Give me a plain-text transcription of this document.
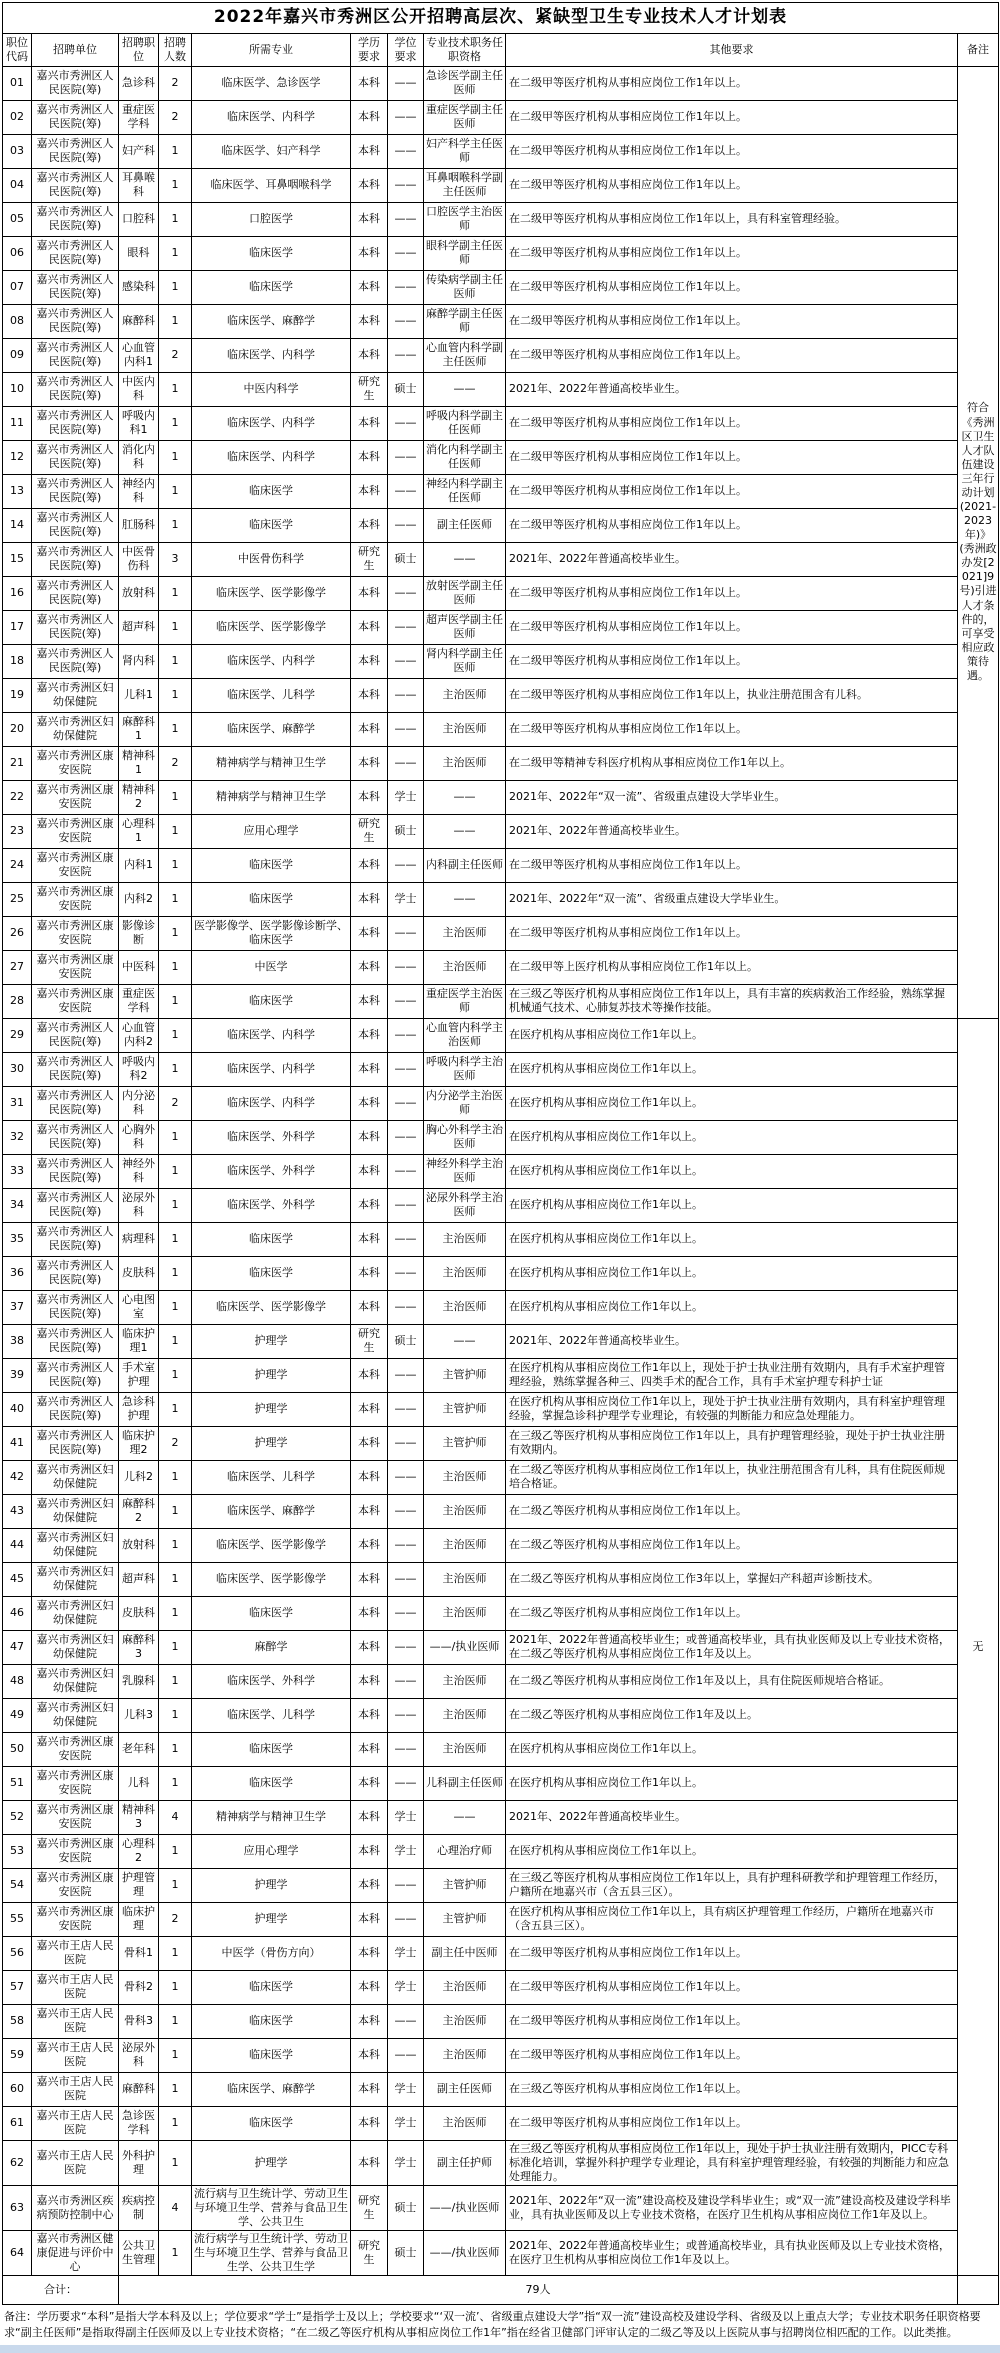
2022年嘉兴市秀洲区公开招聘高层次、紧缺型卫生专业技术人才计划表									
职位代码	招聘单位	招聘职位	招聘人数	所需专业	学历要求	学位要求	专业技术职务任职资格	其他要求	备注
01	嘉兴市秀洲区人民医院(筹)	急诊科	2	临床医学、急诊医学	本科	——	急诊医学副主任医师	在二级甲等医疗机构从事相应岗位工作1年以上。	符合《秀洲区卫生人才队伍建设三年行动计划(2021-2023年)》(秀洲政办发[2021]9号)引进人才条件的，可享受相应政策待遇。
02	嘉兴市秀洲区人民医院(筹)	重症医学科	2	临床医学、内科学	本科	——	重症医学副主任医师	在二级甲等医疗机构从事相应岗位工作1年以上。	
03	嘉兴市秀洲区人民医院(筹)	妇产科	1	临床医学、妇产科学	本科	——	妇产科学主任医师	在二级甲等医疗机构从事相应岗位工作1年以上。	
04	嘉兴市秀洲区人民医院(筹)	耳鼻喉科	1	临床医学、耳鼻咽喉科学	本科	——	耳鼻咽喉科学副主任医师	在二级甲等医疗机构从事相应岗位工作1年以上。	
05	嘉兴市秀洲区人民医院(筹)	口腔科	1	口腔医学	本科	——	口腔医学主治医师	在二级甲等医疗机构从事相应岗位工作1年以上，具有科室管理经验。	
06	嘉兴市秀洲区人民医院(筹)	眼科	1	临床医学	本科	——	眼科学副主任医师	在二级甲等医疗机构从事相应岗位工作1年以上。	
07	嘉兴市秀洲区人民医院(筹)	感染科	1	临床医学	本科	——	传染病学副主任医师	在二级甲等医疗机构从事相应岗位工作1年以上。	
08	嘉兴市秀洲区人民医院(筹)	麻醉科	1	临床医学、麻醉学	本科	——	麻醉学副主任医师	在二级甲等医疗机构从事相应岗位工作1年以上。	
09	嘉兴市秀洲区人民医院(筹)	心血管内科1	2	临床医学、内科学	本科	——	心血管内科学副主任医师	在二级甲等医疗机构从事相应岗位工作1年以上。	
10	嘉兴市秀洲区人民医院(筹)	中医内科	1	中医内科学	研究生	硕士	——	2021年、2022年普通高校毕业生。	
11	嘉兴市秀洲区人民医院(筹)	呼吸内科1	1	临床医学、内科学	本科	——	呼吸内科学副主任医师	在二级甲等医疗机构从事相应岗位工作1年以上。	
12	嘉兴市秀洲区人民医院(筹)	消化内科	1	临床医学、内科学	本科	——	消化内科学副主任医师	在二级甲等医疗机构从事相应岗位工作1年以上。	
13	嘉兴市秀洲区人民医院(筹)	神经内科	1	临床医学	本科	——	神经内科学副主任医师	在二级甲等医疗机构从事相应岗位工作1年以上。	
14	嘉兴市秀洲区人民医院(筹)	肛肠科	1	临床医学	本科	——	副主任医师	在二级甲等医疗机构从事相应岗位工作1年以上。	
15	嘉兴市秀洲区人民医院(筹)	中医骨伤科	3	中医骨伤科学	研究生	硕士	——	2021年、2022年普通高校毕业生。	
16	嘉兴市秀洲区人民医院(筹)	放射科	1	临床医学、医学影像学	本科	——	放射医学副主任医师	在二级甲等医疗机构从事相应岗位工作1年以上。	
17	嘉兴市秀洲区人民医院(筹)	超声科	1	临床医学、医学影像学	本科	——	超声医学副主任医师	在二级甲等医疗机构从事相应岗位工作1年以上。	
18	嘉兴市秀洲区人民医院(筹)	肾内科	1	临床医学、内科学	本科	——	肾内科学副主任医师	在二级甲等医疗机构从事相应岗位工作1年以上。	
19	嘉兴市秀洲区妇幼保健院	儿科1	1	临床医学、儿科学	本科	——	主治医师	在二级甲等医疗机构从事相应岗位工作1年以上，执业注册范围含有儿科。	
20	嘉兴市秀洲区妇幼保健院	麻醉科1	1	临床医学、麻醉学	本科	——	主治医师	在二级甲等医疗机构从事相应岗位工作1年以上。	
21	嘉兴市秀洲区康安医院	精神科1	2	精神病学与精神卫生学	本科	——	主治医师	在二级甲等精神专科医疗机构从事相应岗位工作1年以上。	
22	嘉兴市秀洲区康安医院	精神科2	1	精神病学与精神卫生学	本科	学士	——	2021年、2022年“双一流”、省级重点建设大学毕业生。	
23	嘉兴市秀洲区康安医院	心理科1	1	应用心理学	研究生	硕士	——	2021年、2022年普通高校毕业生。	
24	嘉兴市秀洲区康安医院	内科1	1	临床医学	本科	——	内科副主任医师	在二级甲等医疗机构从事相应岗位工作1年以上。	
25	嘉兴市秀洲区康安医院	内科2	1	临床医学	本科	学士	——	2021年、2022年“双一流”、省级重点建设大学毕业生。	
26	嘉兴市秀洲区康安医院	影像诊断	1	医学影像学、医学影像诊断学、临床医学	本科	——	主治医师	在二级甲等医疗机构从事相应岗位工作1年以上。	
27	嘉兴市秀洲区康安医院	中医科	1	中医学	本科	——	主治医师	在二级甲等上医疗机构从事相应岗位工作1年以上。	
28	嘉兴市秀洲区康安医院	重症医学科	1	临床医学	本科	——	重症医学主治医师	在三级乙等医疗机构从事相应岗位工作1年以上，具有丰富的疾病救治工作经验，熟练掌握机械通气技术、心肺复苏技术等操作技能。	
29	嘉兴市秀洲区人民医院(筹)	心血管内科2	1	临床医学、内科学	本科	——	心血管内科学主治医师	在医疗机构从事相应岗位工作1年以上。	无
30	嘉兴市秀洲区人民医院(筹)	呼吸内科2	1	临床医学、内科学	本科	——	呼吸内科学主治医师	在医疗机构从事相应岗位工作1年以上。	
31	嘉兴市秀洲区人民医院(筹)	内分泌科	2	临床医学、内科学	本科	——	内分泌学主治医师	在医疗机构从事相应岗位工作1年以上。	
32	嘉兴市秀洲区人民医院(筹)	心胸外科	1	临床医学、外科学	本科	——	胸心外科学主治医师	在医疗机构从事相应岗位工作1年以上。	
33	嘉兴市秀洲区人民医院(筹)	神经外科	1	临床医学、外科学	本科	——	神经外科学主治医师	在医疗机构从事相应岗位工作1年以上。	
34	嘉兴市秀洲区人民医院(筹)	泌尿外科	1	临床医学、外科学	本科	——	泌尿外科学主治医师	在医疗机构从事相应岗位工作1年以上。	
35	嘉兴市秀洲区人民医院(筹)	病理科	1	临床医学	本科	——	主治医师	在医疗机构从事相应岗位工作1年以上。	
36	嘉兴市秀洲区人民医院(筹)	皮肤科	1	临床医学	本科	——	主治医师	在医疗机构从事相应岗位工作1年以上。	
37	嘉兴市秀洲区人民医院(筹)	心电图室	1	临床医学、医学影像学	本科	——	主治医师	在医疗机构从事相应岗位工作1年以上。	
38	嘉兴市秀洲区人民医院(筹)	临床护理1	1	护理学	研究生	硕士	——	2021年、2022年普通高校毕业生。	
39	嘉兴市秀洲区人民医院(筹)	手术室护理	1	护理学	本科	——	主管护师	在医疗机构从事相应岗位工作1年以上，现处于护士执业注册有效期内，具有手术室护理管理经验，熟练掌握各种三、四类手术的配合工作，具有手术室护理专科护士证	
40	嘉兴市秀洲区人民医院(筹)	急诊科护理	1	护理学	本科	——	主管护师	在医疗机构从事相应岗位工作1年以上，现处于护士执业注册有效期内，具有科室护理管理经验，掌握急诊科护理学专业理论，有较强的判断能力和应急处理能力。	
41	嘉兴市秀洲区人民医院(筹)	临床护理2	2	护理学	本科	——	主管护师	在三级乙等医疗机构从事相应岗位工作1年以上，具有护理管理经验，现处于护士执业注册有效期内。	
42	嘉兴市秀洲区妇幼保健院	儿科2	1	临床医学、儿科学	本科	——	主治医师	在二级乙等医疗机构从事相应岗位工作1年以上，执业注册范围含有儿科，具有住院医师规培合格证。	
43	嘉兴市秀洲区妇幼保健院	麻醉科2	1	临床医学、麻醉学	本科	——	主治医师	在二级乙等医疗机构从事相应岗位工作1年以上。	
44	嘉兴市秀洲区妇幼保健院	放射科	1	临床医学、医学影像学	本科	——	主治医师	在二级乙等医疗机构从事相应岗位工作1年以上。	
45	嘉兴市秀洲区妇幼保健院	超声科	1	临床医学、医学影像学	本科	——	主治医师	在二级乙等医疗机构从事相应岗位工作3年以上，掌握妇产科超声诊断技术。	
46	嘉兴市秀洲区妇幼保健院	皮肤科	1	临床医学	本科	——	主治医师	在二级乙等医疗机构从事相应岗位工作1年以上。	
47	嘉兴市秀洲区妇幼保健院	麻醉科3	1	麻醉学	本科	——	——/执业医师	2021年、2022年普通高校毕业生；或普通高校毕业，具有执业医师及以上专业技术资格，在二级乙等医疗机构从事相应岗位工作1年及以上。	
48	嘉兴市秀洲区妇幼保健院	乳腺科	1	临床医学、外科学	本科	——	主治医师	在二级乙等医疗机构从事相应岗位工作1年及以上，具有住院医师规培合格证。	
49	嘉兴市秀洲区妇幼保健院	儿科3	1	临床医学、儿科学	本科	——	主治医师	在二级乙等医疗机构从事相应岗位工作1年及以上。	
50	嘉兴市秀洲区康安医院	老年科	1	临床医学	本科	——	主治医师	在医疗机构从事相应岗位工作1年以上。	
51	嘉兴市秀洲区康安医院	儿科	1	临床医学	本科	——	儿科副主任医师	在医疗机构从事相应岗位工作1年以上。	
52	嘉兴市秀洲区康安医院	精神科3	4	精神病学与精神卫生学	本科	学士	——	2021年、2022年普通高校毕业生。	
53	嘉兴市秀洲区康安医院	心理科2	1	应用心理学	本科	学士	心理治疗师	在医疗机构从事相应岗位工作1年以上。	
54	嘉兴市秀洲区康安医院	护理管理	1	护理学	本科	——	主管护师	在三级乙等医疗机构从事相应岗位工作1年以上，具有护理科研教学和护理管理工作经历，户籍所在地嘉兴市（含五县三区）。	
55	嘉兴市秀洲区康安医院	临床护理	2	护理学	本科	——	主管护师	在医疗机构从事相应岗位工作1年以上，具有病区护理管理工作经历，户籍所在地嘉兴市（含五县三区）。	
56	嘉兴市王店人民医院	骨科1	1	中医学（骨伤方向）	本科	学士	副主任中医师	在二级甲等医疗机构从事相应岗位工作1年以上。	
57	嘉兴市王店人民医院	骨科2	1	临床医学	本科	学士	主治医师	在二级甲等医疗机构从事相应岗位工作1年以上。	
58	嘉兴市王店人民医院	骨科3	1	临床医学	本科	——	主治医师	在二级甲等医疗机构从事相应岗位工作1年以上。	
59	嘉兴市王店人民医院	泌尿外科	1	临床医学	本科	——	主治医师	在二级甲等医疗机构从事相应岗位工作1年以上。	
60	嘉兴市王店人民医院	麻醉科	1	临床医学、麻醉学	本科	学士	副主任医师	在三级乙等医疗机构从事相应岗位工作1年以上。	
61	嘉兴市王店人民医院	急诊医学科	1	临床医学	本科	学士	主治医师	在二级甲等医疗机构从事相应岗位工作1年以上。	
62	嘉兴市王店人民医院	外科护理	1	护理学	本科	学士	副主任护师	在三级乙等医疗机构从事相应岗位工作1年以上，现处于护士执业注册有效期内，PICC专科标准化培训，掌握外科护理学专业理论，具有科室护理管理经验，有较强的判断能力和应急处理能力。	
63	嘉兴市秀洲区疾病预防控制中心	疾病控制	4	流行病与卫生统计学、劳动卫生与环境卫生学、营养与食品卫生学、公共卫生	研究生	硕士	——/执业医师	2021年、2022年“双一流”建设高校及建设学科毕业生；或“双一流”建设高校及建设学科毕业，具有执业医师及以上专业技术资格，在医疗卫生机构从事相应岗位工作1年及以上。	
64	嘉兴市秀洲区健康促进与评价中心	公共卫生管理	1	流行病学与卫生统计学、劳动卫生与环境卫生学、营养与食品卫生学、公共卫生学	研究生	硕士	——/执业医师	2021年、2022年普通高校毕业生；或普通高校毕业，具有执业医师及以上专业技术资格，在医疗卫生机构从事相应岗位工作1年及以上。	
合计：		79人							
备注：学历要求“本科”是指大学本科及以上；学位要求“学士”是指学士及以上；学校要求“‘双一流’、省级重点建设大学”指“双一流”建设高校及建设学科、省级及以上重点大学；专业技术职务任职资格要求“副主任医师”是指取得副主任医师及以上专业技术资格；“在二级乙等医疗机构从事相应岗位工作1年”指在经省卫健部门评审认定的二级乙等及以上医院从事与招聘岗位相匹配的工作。以此类推。
